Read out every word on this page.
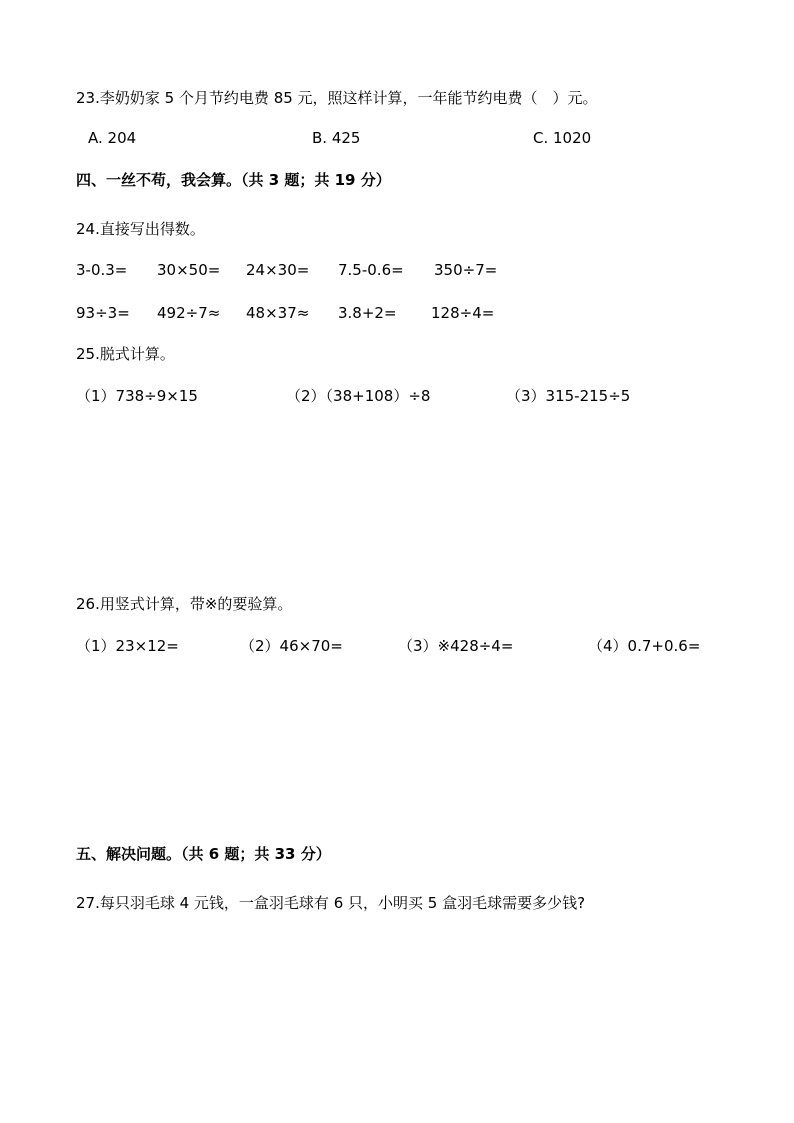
23.李奶奶家 5 个月节约电费 85 元，照这样计算，一年能节约电费（　）元。
A. 204	B. 425	C. 1020
四、一丝不苟，我会算。（共 3 题；共 19 分）
24.直接写出得数。
3-0.3= 30×50= 24×30= 7.5-0.6= 350÷7=
93÷3= 492÷7≈ 48×37≈ 3.8+2= 128÷4=
25.脱式计算。
（1）738÷9×15	（2）（38+108）÷8	（3）315-215÷5
26.用竖式计算，带※的要验算。
（1）23×12=	（2）46×70=	（3）※428÷4=	（4）0.7+0.6=
五、解决问题。（共 6 题；共 33 分）
27.每只羽毛球 4 元钱，一盒羽毛球有 6 只，小明买 5 盒羽毛球需要多少钱?
